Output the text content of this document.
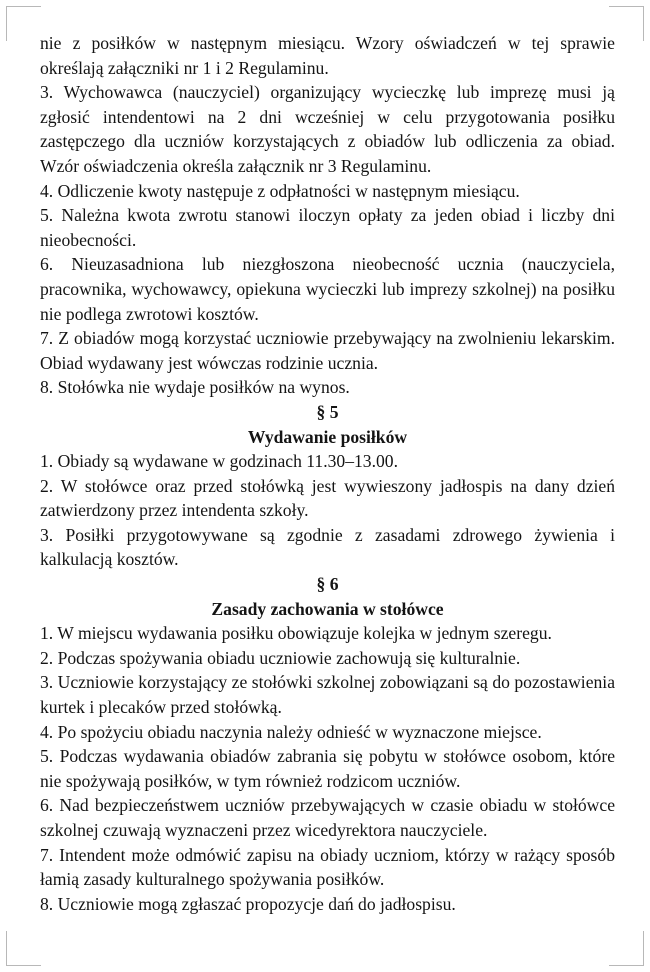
nie z posiłków w następnym miesiącu. Wzory oświadczeń w tej sprawie określają załączniki nr 1 i 2 Regulaminu.

3. Wychowawca (nauczyciel) organizujący wycieczkę lub imprezę musi ją zgłosić intendentowi na 2 dni wcześniej w celu przygotowania posiłku zastępczego dla uczniów korzystających z obiadów lub odliczenia za obiad. Wzór oświadczenia określa załącznik nr 3 Regulaminu.

4. Odliczenie kwoty następuje z odpłatności w następnym miesiącu.

5. Należna kwota zwrotu stanowi iloczyn opłaty za jeden obiad i liczby dni nieobecności.

6. Nieuzasadniona lub niezgłoszona nieobecność ucznia (nauczyciela, pracownika, wychowawcy, opiekuna wycieczki lub imprezy szkolnej) na posiłku nie podlega zwrotowi kosztów.

7. Z obiadów mogą korzystać uczniowie przebywający na zwolnieniu lekarskim. Obiad wydawany jest wówczas rodzinie ucznia.

8. Stołówka nie wydaje posiłków na wynos.

§ 5

Wydawanie posiłków

1. Obiady są wydawane w godzinach 11.30–13.00.

2. W stołówce oraz przed stołówką jest wywieszony jadłospis na dany dzień zatwierdzony przez intendenta szkoły.

3. Posiłki przygotowywane są zgodnie z zasadami zdrowego żywienia i kalkulacją kosztów.

§ 6

Zasady zachowania w stołówce

1. W miejscu wydawania posiłku obowiązuje kolejka w jednym szeregu.

2. Podczas spożywania obiadu uczniowie zachowują się kulturalnie.

3. Uczniowie korzystający ze stołówki szkolnej zobowiązani są do pozostawienia kurtek i plecaków przed stołówką.

4. Po spożyciu obiadu naczynia należy odnieść w wyznaczone miejsce.

5. Podczas wydawania obiadów zabrania się pobytu w stołówce osobom, które nie spożywają posiłków, w tym również rodzicom uczniów.

6. Nad bezpieczeństwem uczniów przebywających w czasie obiadu w stołówce szkolnej czuwają wyznaczeni przez wicedyrektora nauczyciele.

7. Intendent może odmówić zapisu na obiady uczniom, którzy w rażący sposób łamią zasady kulturalnego spożywania posiłków.

8. Uczniowie mogą zgłaszać propozycje dań do jadłospisu.
